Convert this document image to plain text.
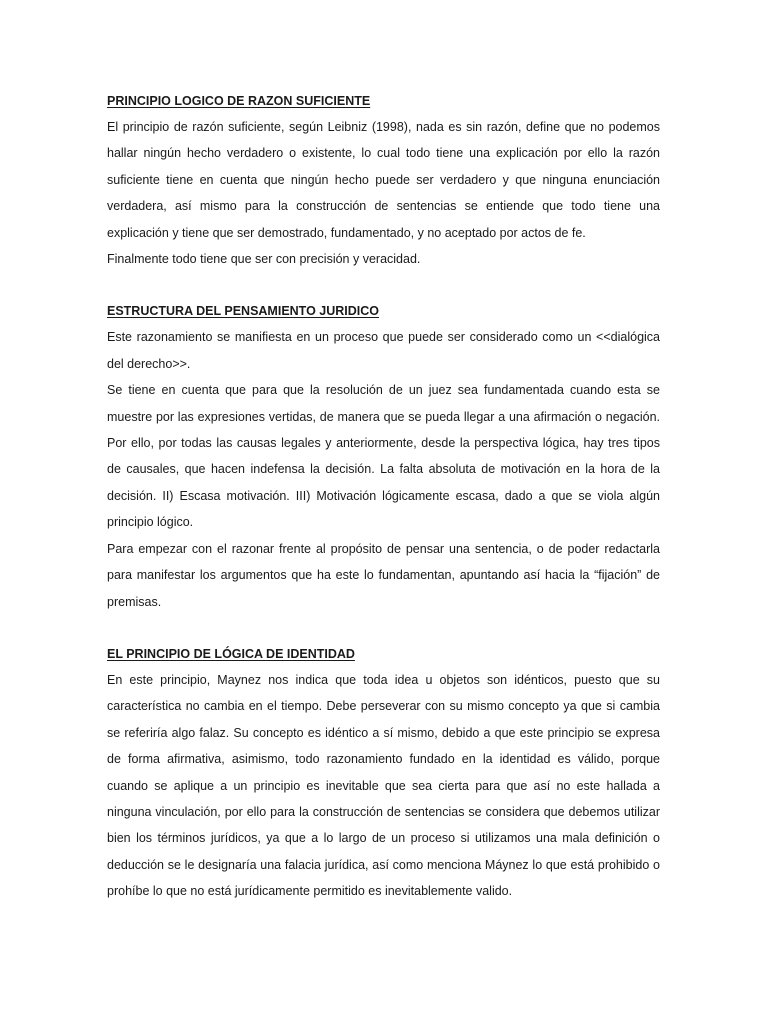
PRINCIPIO LOGICO DE RAZON SUFICIENTE

El principio de razón suficiente, según Leibniz (1998), nada es sin razón, define que no podemos hallar ningún hecho verdadero o existente, lo cual todo tiene una explicación por ello la razón suficiente tiene en cuenta que ningún hecho puede ser verdadero y que ninguna enunciación verdadera, así mismo para la construcción de sentencias se entiende que todo tiene una explicación y tiene que ser demostrado, fundamentado, y no aceptado por actos de fe.

Finalmente todo tiene que ser con precisión y veracidad.

ESTRUCTURA DEL PENSAMIENTO JURIDICO

Este razonamiento se manifiesta en un proceso que puede ser considerado como un <<dialógica del derecho>>.

Se tiene en cuenta que para que la resolución de un juez sea fundamentada cuando esta se muestre por las expresiones vertidas, de manera que se pueda llegar a una afirmación o negación. Por ello, por todas las causas legales y anteriormente, desde la perspectiva lógica, hay tres tipos de causales, que hacen indefensa la decisión. La falta absoluta de motivación en la hora de la decisión. II) Escasa motivación. III) Motivación lógicamente escasa, dado a que se viola algún principio lógico.

Para empezar con el razonar frente al propósito de pensar una sentencia, o de poder redactarla para manifestar los argumentos que ha este lo fundamentan, apuntando así hacia la “fijación” de premisas.

EL PRINCIPIO DE LÓGICA DE IDENTIDAD

En este principio, Maynez nos indica que toda idea u objetos son idénticos, puesto que su característica no cambia en el tiempo. Debe perseverar con su mismo concepto ya que si cambia se referiría algo falaz. Su concepto es idéntico a sí mismo, debido a que este principio se expresa de forma afirmativa, asimismo, todo razonamiento fundado en la identidad es válido, porque cuando se aplique a un principio es inevitable que sea cierta para que así no este hallada a ninguna vinculación, por ello para la construcción de sentencias se considera que debemos utilizar bien los términos jurídicos, ya que a lo largo de un proceso si utilizamos una mala definición o deducción se le designaría una falacia jurídica, así como menciona Máynez lo que está prohibido o prohíbe lo que no está jurídicamente permitido es inevitablemente valido.
